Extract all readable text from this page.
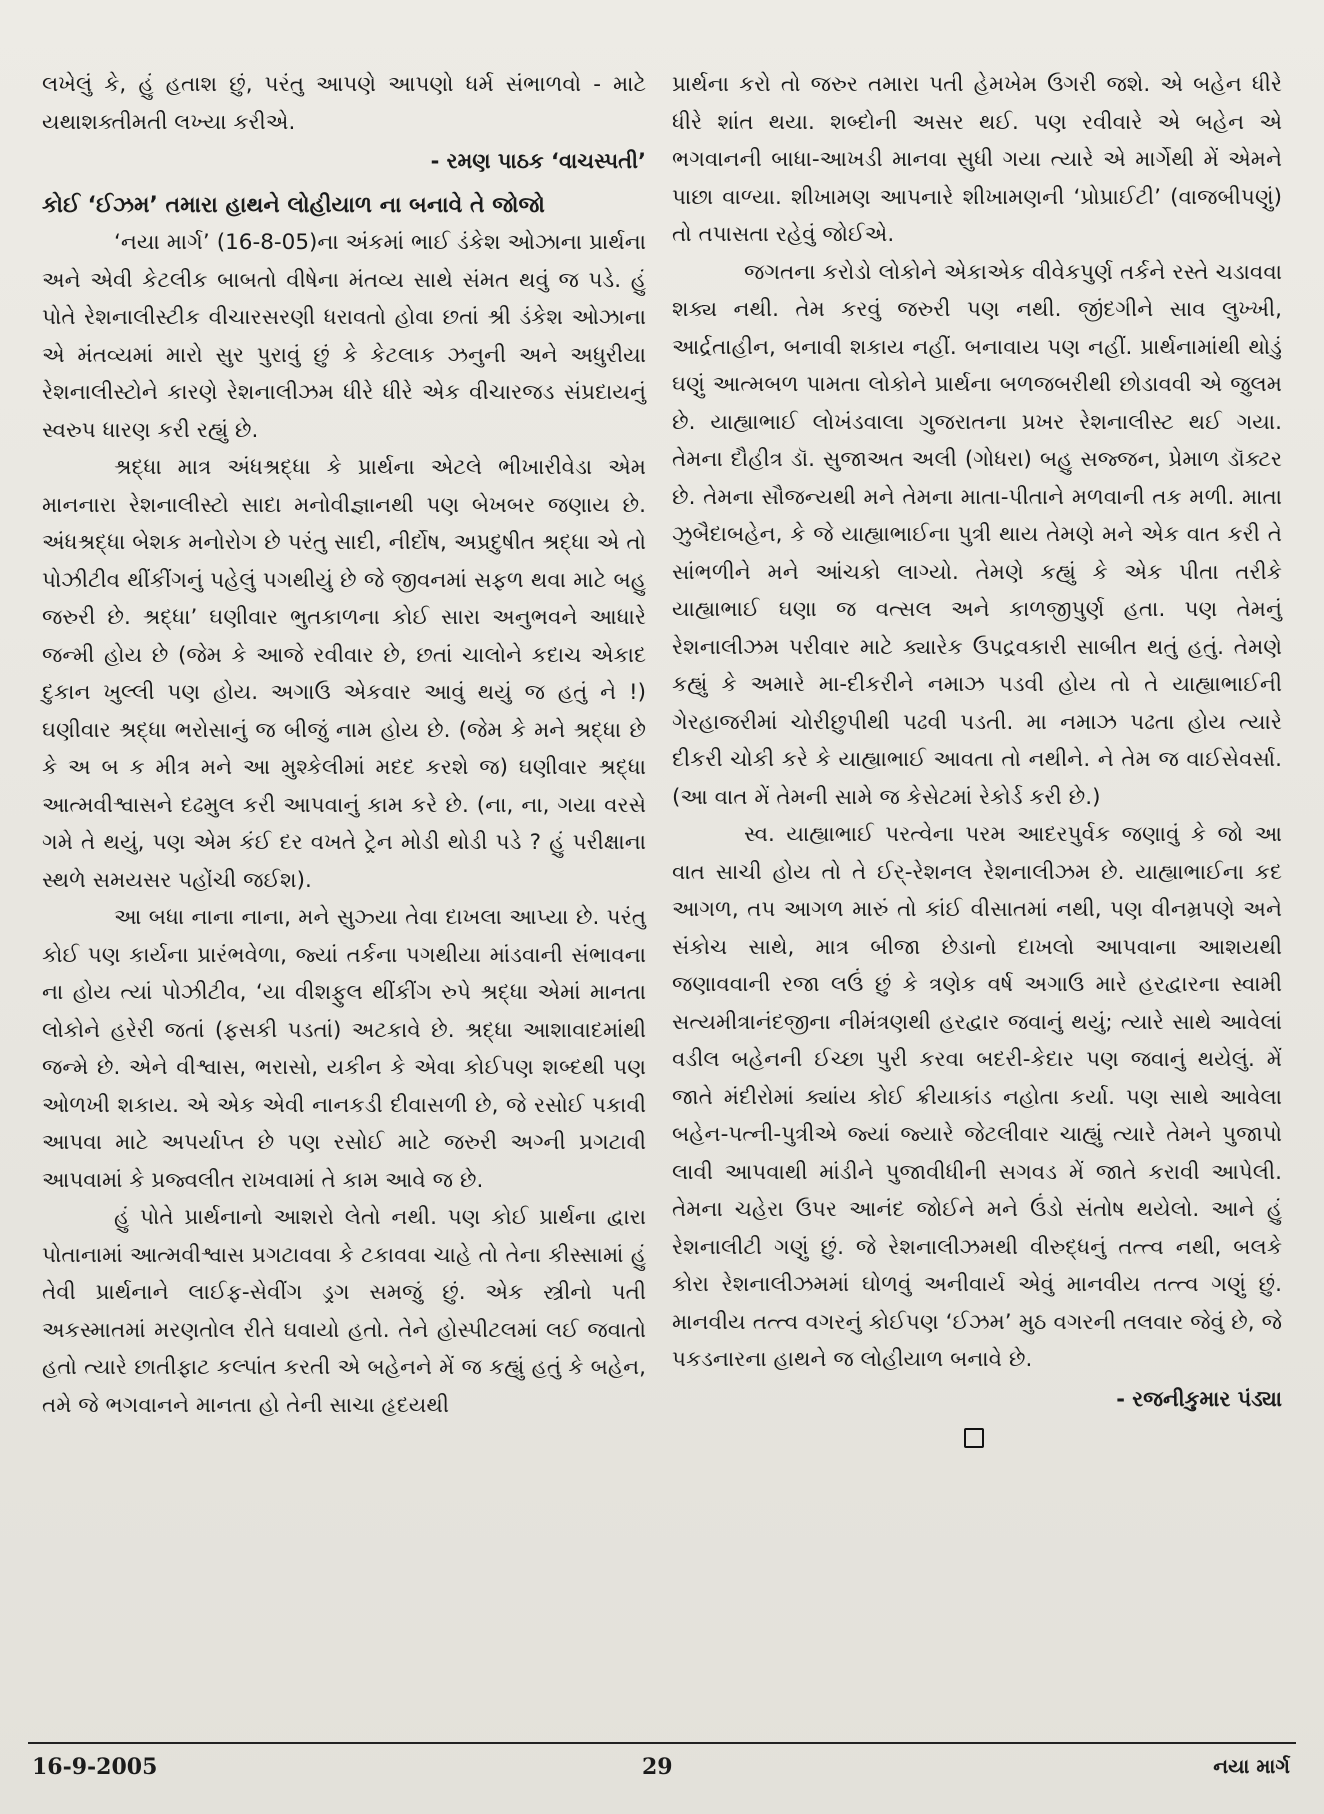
લખેલું કે, હું હતાશ છું, પરંતુ આપણે આપણો ધર્મ સંભાળવો - માટે યથાશક્તીમતી લખ્યા કરીએ.

- રમણ પાઠક ‘વાચસ્પતી’

કોઈ ‘ઈઝમ’ તમારા હાથને લોહીયાળ ના બનાવે તે જોજો

‘નયા માર્ગ’ (16-8-05)ના અંકમાં ભાઈ ડંકેશ ઓઝાના પ્રાર્થના અને એવી કેટલીક બાબતો વીષેના મંતવ્ય સાથે સંમત થવું જ પડે. હું પોતે રેશનાલીસ્ટીક વીચારસરણી ધરાવતો હોવા છતાં શ્રી ડંકેશ ઓઝાના એ મંતવ્યમાં મારો સુર પુરાવું છું કે કેટલાક ઝનુની અને અધુરીયા રેશનાલીસ્ટોને કારણે રેશનાલીઝમ ધીરે ધીરે એક વીચારજડ સંપ્રદાયનું સ્વરુપ ધારણ કરી રહ્યું છે.

શ્રદ્ધા માત્ર અંધશ્રદ્ધા કે પ્રાર્થના એટલે ભીખારીવેડા એમ માનનારા રેશનાલીસ્ટો સાદા મનોવીજ્ઞાનથી પણ બેખબર જણાય છે. અંધશ્રદ્ધા બેશક મનોરોગ છે પરંતુ સાદી, નીર્દોષ, અપ્રદુષીત શ્રદ્ધા એ તો પોઝીટીવ થીંકીંગનું પહેલું પગથીયું છે જે જીવનમાં સફળ થવા માટે બહુ જરુરી છે. શ્રદ્ધા’ ઘણીવાર ભુતકાળના કોઈ સારા અનુભવને આધારે જન્મી હોય છે (જેમ કે આજે રવીવાર છે, છતાં ચાલોને કદાચ એકાદ દુકાન ખુલ્લી પણ હોય. અગાઉ એકવાર આવું થયું જ હતું ને !) ઘણીવાર શ્રદ્ધા ભરોસાનું જ બીજું નામ હોય છે. (જેમ કે મને શ્રદ્ધા છે કે અ બ ક મીત્ર મને આ મુશ્કેલીમાં મદદ કરશે જ) ઘણીવાર શ્રદ્ધા આત્મવીશ્વાસને દઢમુલ કરી આપવાનું કામ કરે છે. (ના, ના, ગયા વરસે ગમે તે થયું, પણ એમ કંઈ દર વખતે ટ્રેન મોડી થોડી પડે ? હું પરીક્ષાના સ્થળે સમયસર પહોંચી જઈશ).

આ બધા નાના નાના, મને સુઝ્યા તેવા દાખલા આપ્યા છે. પરંતુ કોઈ પણ કાર્યના પ્રારંભવેળા, જ્યાં તર્કના પગથીયા માંડવાની સંભાવના ના હોય ત્યાં પોઝીટીવ, ‘યા વીશફુલ થીંકીંગ રુપે શ્રદ્ધા એમાં માનતા લોકોને હરેરી જતાં (ફસકી પડતાં) અટકાવે છે. શ્રદ્ધા આશાવાદમાંથી જન્મે છે. એને વીશ્વાસ, ભરાસો, યકીન કે એવા કોઈપણ શબ્દથી પણ ઓળખી શકાય. એ એક એવી નાનકડી દીવાસળી છે, જે રસોઈ પકાવી આપવા માટે અપર્યાપ્ત છે પણ રસોઈ માટે જરુરી અગ્ની પ્રગટાવી આપવામાં કે પ્રજ્વલીત રાખવામાં તે કામ આવે જ છે.

હું પોતે પ્રાર્થનાનો આશરો લેતો નથી. પણ કોઈ પ્રાર્થના દ્વારા પોતાનામાં આત્મવીશ્વાસ પ્રગટાવવા કે ટકાવવા ચાહે તો તેના કીસ્સામાં હું તેવી પ્રાર્થનાને લાઈફ-સેવીંગ ડ્રગ સમજું છું. એક સ્ત્રીનો પતી અકસ્માતમાં મરણતોલ રીતે ઘવાયો હતો. તેને હોસ્પીટલમાં લઈ જવાતો હતો ત્યારે છાતીફાટ કલ્પાંત કરતી એ બહેનને મેં જ કહ્યું હતું કે બહેન, તમે જે ભગવાનને માનતા હો તેની સાચા હૃદયથી

પ્રાર્થના કરો તો જરુર તમારા પતી હેમખેમ ઉગરી જશે. એ બહેન ધીરે ધીરે શાંત થયા. શબ્દોની અસર થઈ. પણ રવીવારે એ બહેન એ ભગવાનની બાધા-આખડી માનવા સુધી ગયા ત્યારે એ માર્ગેથી મેં એમને પાછા વાળ્યા. શીખામણ આપનારે શીખામણની ‘પ્રોપ્રાઈટી’ (વાજબીપણું) તો તપાસતા રહેવું જોઈએ.

જગતના કરોડો લોકોને એકાએક વીવેકપુર્ણ તર્કને રસ્તે ચડાવવા શક્ય નથી. તેમ કરવું જરુરી પણ નથી. જીંદગીને સાવ લુખ્ખી, આર્દ્રતાહીન, બનાવી શકાય નહીં. બનાવાય પણ નહીં. પ્રાર્થનામાંથી થોડું ઘણું આત્મબળ પામતા લોકોને પ્રાર્થના બળજબરીથી છોડાવવી એ જુલમ છે. યાહ્યાભાઈ લોખંડવાલા ગુજરાતના પ્રખર રેશનાલીસ્ટ થઈ ગયા. તેમના દૌહીત્ર ડૉ. સુજાઅત અલી (ગોધરા) બહુ સજ્જન, પ્રેમાળ ડૉક્ટર છે. તેમના સૌજન્યથી મને તેમના માતા-પીતાને મળવાની તક મળી. માતા ઝુબૈદાબહેન, કે જે યાહ્યાભાઈના પુત્રી થાય તેમણે મને એક વાત કરી તે સાંભળીને મને આંચકો લાગ્યો. તેમણે કહ્યું કે એક પીતા તરીકે યાહ્યાભાઈ ઘણા જ વત્સલ અને કાળજીપુર્ણ હતા. પણ તેમનું રેશનાલીઝમ પરીવાર માટે ક્યારેક ઉપદ્રવકારી સાબીત થતું હતું. તેમણે કહ્યું કે અમારે મા-દીકરીને નમાઝ પડવી હોય તો તે યાહ્યાભાઈની ગેરહાજરીમાં ચોરીછુપીથી પઢવી પડતી. મા નમાઝ પઢતા હોય ત્યારે દીકરી ચોકી કરે કે યાહ્યાભાઈ આવતા તો નથીને. ને તેમ જ વાઈસેવર્સા. (આ વાત મેં તેમની સામે જ કેસેટમાં રેકોર્ડ કરી છે.)

સ્વ. યાહ્યાભાઈ પરત્વેના પરમ આદરપુર્વક જણાવું કે જો આ વાત સાચી હોય તો તે ઈર્-રેશનલ રેશનાલીઝમ છે. યાહ્યાભાઈના કદ આગળ, તપ આગળ મારું તો કાંઈ વીસાતમાં નથી, પણ વીનમ્રપણે અને સંકોચ સાથે, માત્ર બીજા છેડાનો દાખલો આપવાના આશયથી જણાવવાની રજા લઉં છું કે ત્રણેક વર્ષ અગાઉ મારે હરદ્વારના સ્વામી સત્યમીત્રાનંદજીના નીમંત્રણથી હરદ્વાર જવાનું થયું; ત્યારે સાથે આવેલાં વડીલ બહેનની ઈચ્છા પુરી કરવા બદરી-કેદાર પણ જવાનું થયેલું. મેં જાતે મંદીરોમાં ક્યાંય કોઈ ક્રીયાકાંડ નહોતા કર્યા. પણ સાથે આવેલા બહેન-પત્ની-પુત્રીએ જ્યાં જ્યારે જેટલીવાર ચાહ્યું ત્યારે તેમને પુજાપો લાવી આપવાથી માંડીને પુજાવીધીની સગવડ મેં જાતે કરાવી આપેલી. તેમના ચહેરા ઉપર આનંદ જોઈને મને ઉંડો સંતોષ થયેલો. આને હું રેશનાલીટી ગણું છું. જે રેશનાલીઝમથી વીરુદ્ધનું તત્ત્વ નથી, બલકે કોરા રેશનાલીઝમમાં ઘોળવું અનીવાર્ય એવું માનવીય તત્ત્વ ગણું છું. માનવીય તત્ત્વ વગરનું કોઈપણ ‘ઈઝમ’ મુઠ વગરની તલવાર જેવું છે, જે પકડનારના હાથને જ લોહીયાળ બનાવે છે.

- રજનીકુમાર પંડ્યા

16-9-2005	29	નયા માર્ગ
